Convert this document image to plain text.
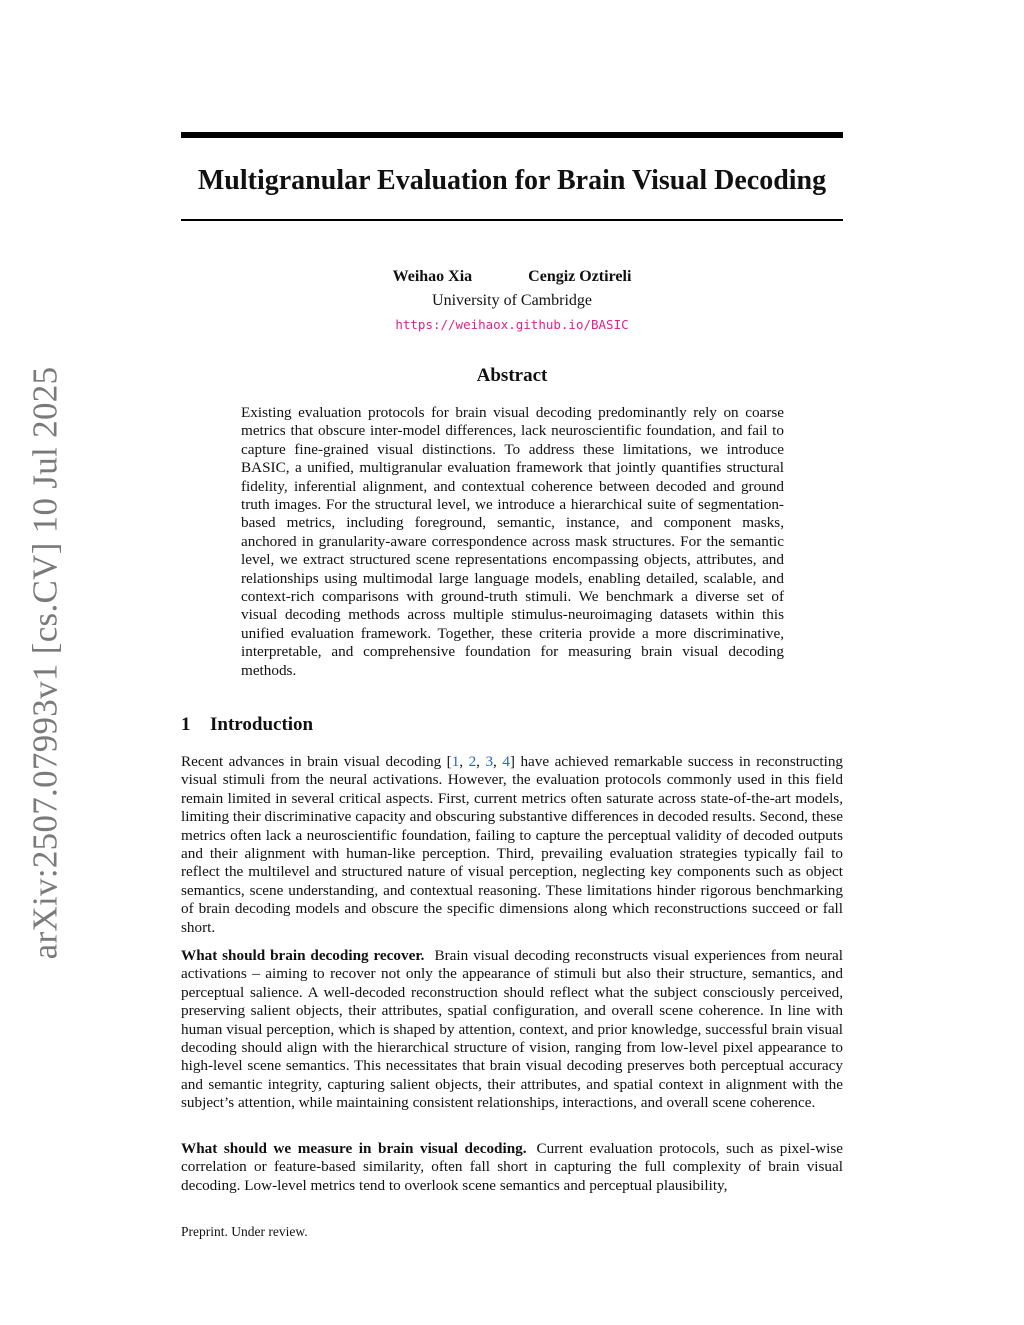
arXiv:2507.07993v1 [cs.CV] 10 Jul 2025
Multigranular Evaluation for Brain Visual Decoding
Weihao Xia	Cengiz Oztireli
University of Cambridge
https://weihaox.github.io/BASIC
Abstract

Existing evaluation protocols for brain visual decoding predominantly rely on coarse metrics that obscure inter-model differences, lack neuroscientific foundation, and fail to capture fine-grained visual distinctions. To address these limitations, we introduce BASIC, a unified, multigranular evaluation framework that jointly quantifies structural fidelity, inferential alignment, and contextual coherence between decoded and ground truth images. For the structural level, we introduce a hierarchical suite of segmentation-based metrics, including foreground, semantic, instance, and component masks, anchored in granularity-aware correspondence across mask structures. For the semantic level, we extract structured scene representations encompassing objects, attributes, and relationships using multimodal large language models, enabling detailed, scalable, and context-rich comparisons with ground-truth stimuli. We benchmark a diverse set of visual decoding methods across multiple stimulus-neuroimaging datasets within this unified evaluation framework. Together, these criteria provide a more discriminative, interpretable, and comprehensive foundation for measuring brain visual decoding methods.

1 Introduction

Recent advances in brain visual decoding [1, 2, 3, 4] have achieved remarkable success in reconstructing visual stimuli from the neural activations. However, the evaluation protocols commonly used in this field remain limited in several critical aspects. First, current metrics often saturate across state-of-the-art models, limiting their discriminative capacity and obscuring substantive differences in decoded results. Second, these metrics often lack a neuroscientific foundation, failing to capture the perceptual validity of decoded outputs and their alignment with human-like perception. Third, prevailing evaluation strategies typically fail to reflect the multilevel and structured nature of visual perception, neglecting key components such as object semantics, scene understanding, and contextual reasoning. These limitations hinder rigorous benchmarking of brain decoding models and obscure the specific dimensions along which reconstructions succeed or fall short.

What should brain decoding recover. Brain visual decoding reconstructs visual experiences from neural activations – aiming to recover not only the appearance of stimuli but also their structure, semantics, and perceptual salience. A well-decoded reconstruction should reflect what the subject consciously perceived, preserving salient objects, their attributes, spatial configuration, and overall scene coherence. In line with human visual perception, which is shaped by attention, context, and prior knowledge, successful brain visual decoding should align with the hierarchical structure of vision, ranging from low-level pixel appearance to high-level scene semantics. This necessitates that brain visual decoding preserves both perceptual accuracy and semantic integrity, capturing salient objects, their attributes, and spatial context in alignment with the subject’s attention, while maintaining consistent relationships, interactions, and overall scene coherence.

What should we measure in brain visual decoding. Current evaluation protocols, such as pixel-wise correlation or feature-based similarity, often fall short in capturing the full complexity of brain visual decoding. Low-level metrics tend to overlook scene semantics and perceptual plausibility,

Preprint. Under review.
